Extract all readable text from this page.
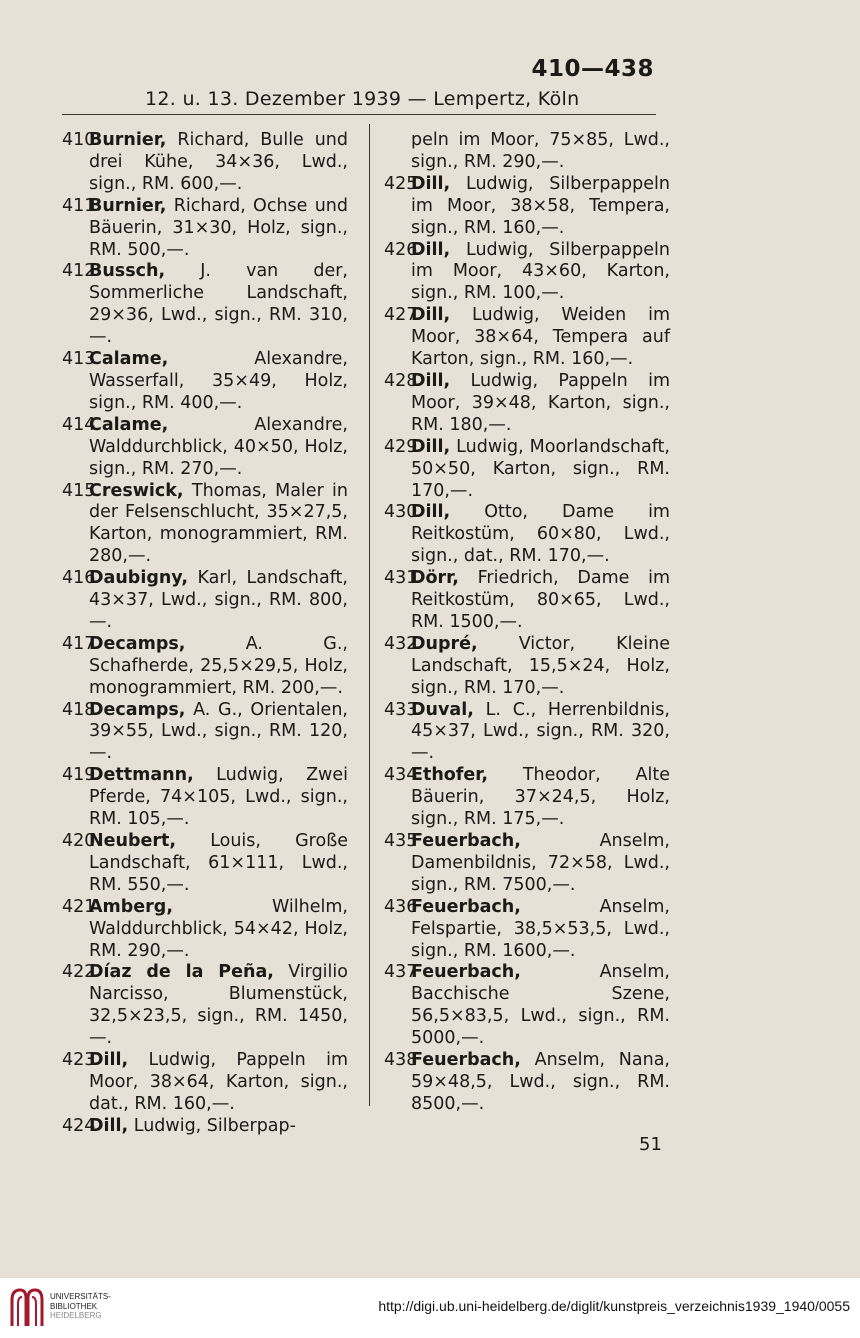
410—438
12. u. 13. Dezember 1939 — Lempertz, Köln

410
Burnier, Richard, Bulle und drei Kühe, 34×36, Lwd., sign., RM. 600,—.

411
Burnier, Richard, Ochse und Bäuerin, 31×30, Holz, sign., RM. 500,—.

412
Bussch, J. van der, Sommerliche Landschaft, 29×36, Lwd., sign., RM. 310,—.

413
Calame,	Alexandre, Wasserfall, 35×49, Holz, sign., RM. 400,—.

414
Calame,	Alexandre, Walddurchblick, 40×50, Holz, sign., RM. 270,—.

415
Creswick, Thomas, Maler in der Felsenschlucht, 35×27,5, Karton, monogrammiert, RM. 280,—.

416
Daubigny, Karl, Landschaft, 43×37, Lwd., sign., RM. 800,—.

417
Decamps,	A. G., Schafherde, 25,5×29,5, Holz, monogrammiert, RM. 200,—.

418
Decamps, A. G., Orientalen, 39×55, Lwd., sign., RM. 120,—.

419
Dettmann, Ludwig, Zwei Pferde, 74×105, Lwd., sign., RM. 105,—.

420
Neubert, Louis, Große Landschaft, 61×111, Lwd., RM. 550,—.

421
Amberg,	Wilhelm, Walddurchblick, 54×42, Holz, RM. 290,—.

422
Díaz de la Peña, Virgilio Narcisso, Blumenstück, 32,5×23,5, sign., RM. 1450,—.

423
Dill, Ludwig, Pappeln im Moor, 38×64, Karton, sign., dat., RM. 160,—.

424
Dill, Ludwig, Silberpap-

peln im Moor, 75×85, Lwd., sign., RM. 290,—.

425
Dill, Ludwig, Silberpappeln im Moor, 38×58, Tempera, sign., RM. 160,—.

426
Dill, Ludwig, Silberpappeln im Moor, 43×60, Karton, sign., RM. 100,—.

427
Dill, Ludwig, Weiden im Moor, 38×64, Tempera auf Karton, sign., RM. 160,—.

428
Dill, Ludwig, Pappeln im Moor, 39×48, Karton, sign., RM. 180,—.

429
Dill, Ludwig, Moorlandschaft, 50×50, Karton, sign., RM. 170,—.

430
Dill, Otto, Dame im Reitkostüm, 60×80, Lwd., sign., dat., RM. 170,—.

431
Dörr, Friedrich, Dame im Reitkostüm, 80×65, Lwd., RM. 1500,—.

432
Dupré, Victor, Kleine Landschaft, 15,5×24, Holz, sign., RM. 170,—.

433
Duval, L. C., Herrenbildnis, 45×37, Lwd., sign., RM. 320,—.

434
Ethofer, Theodor, Alte Bäuerin, 37×24,5, Holz, sign., RM. 175,—.

435
Feuerbach,	Anselm, Damenbildnis, 72×58, Lwd., sign., RM. 7500,—.

436
Feuerbach,	Anselm, Felspartie, 38,5×53,5, Lwd., sign., RM. 1600,—.

437
Feuerbach,	Anselm, Bacchische Szene, 56,5×83,5, Lwd., sign., RM. 5000,—.

438
Feuerbach, Anselm, Nana, 59×48,5, Lwd., sign., RM. 8500,—.

51
UNIVERSITÄTS-
BIBLIOTHEK
HEIDELBERG
http://digi.ub.uni-heidelberg.de/diglit/kunstpreis_verzeichnis1939_1940/0055
